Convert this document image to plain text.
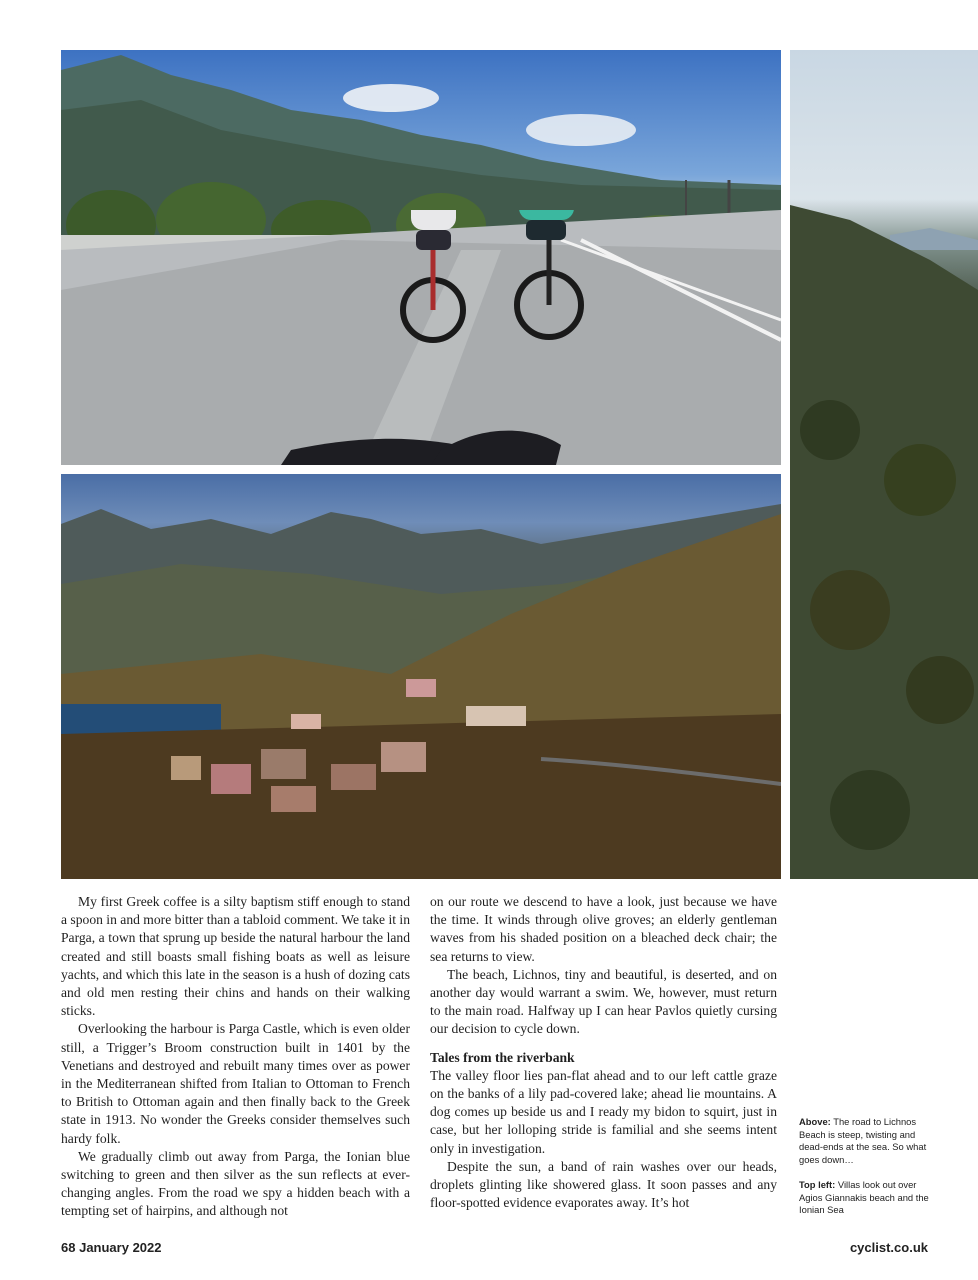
My first Greek coffee is a silty baptism stiff enough to stand a spoon in and more bitter than a tabloid comment. We take it in Parga, a town that sprung up beside the natural harbour the land created and still boasts small fishing boats as well as leisure yachts, and which this late in the season is a hush of dozing cats and old men resting their chins and hands on their walking sticks.

Overlooking the harbour is Parga Castle, which is even older still, a Trigger’s Broom construction built in 1401 by the Venetians and destroyed and rebuilt many times over as power in the Mediterranean shifted from Italian to Ottoman to French to British to Ottoman again and then finally back to the Greek state in 1913. No wonder the Greeks consider themselves such hardy folk.

We gradually climb out away from Parga, the Ionian blue switching to green and then silver as the sun reflects at ever-changing angles. From the road we spy a hidden beach with a tempting set of hairpins, and although not

on our route we descend to have a look, just because we have the time. It winds through olive groves; an elderly gentleman waves from his shaded position on a bleached deck chair; the sea returns to view.

The beach, Lichnos, tiny and beautiful, is deserted, and on another day would warrant a swim. We, however, must return to the main road. Halfway up I can hear Pavlos quietly cursing our decision to cycle down.

Tales from the riverbank

The valley floor lies pan-flat ahead and to our left cattle graze on the banks of a lily pad-covered lake; ahead lie mountains. A dog comes up beside us and I ready my bidon to squirt, just in case, but her lolloping stride is familial and she seems intent only in investigation.

Despite the sun, a band of rain washes over our heads, droplets glinting like showered glass. It soon passes and any floor-spotted evidence evaporates away. It’s hot

Above: The road to Lichnos Beach is steep, twisting and dead-ends at the sea. So what goes down…
Top left: Villas look out over Agios Giannakis beach and the Ionian Sea
68 January 2022	cyclist.co.uk
